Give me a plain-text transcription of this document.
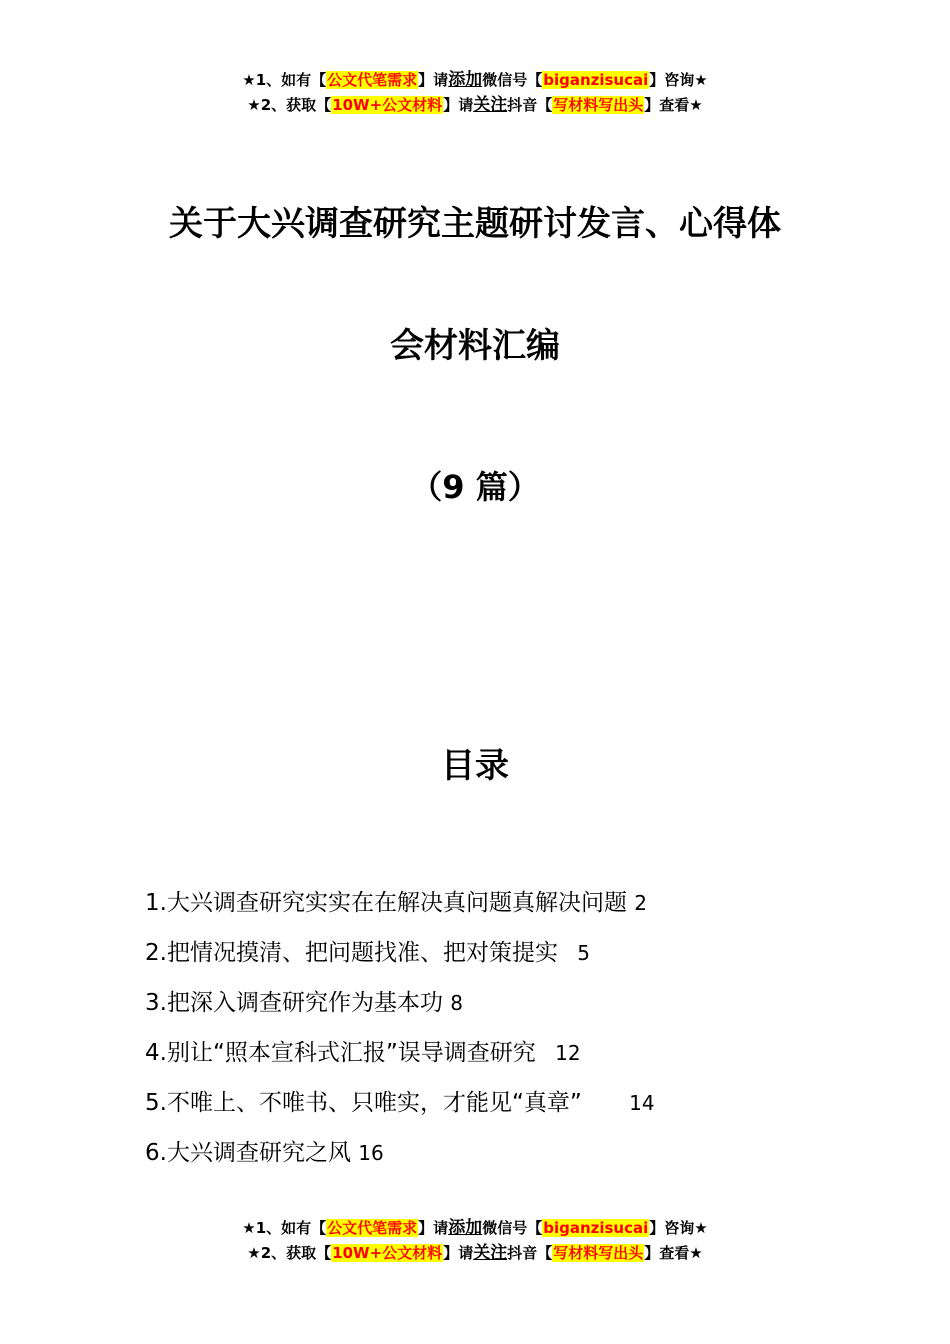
★1、如有【公文代笔需求】请添加微信号【biganzisucai】咨询★
★2、获取【10W+公文材料】请关注抖音【写材料写出头】查看★
关于大兴调查研究主题研讨发言、心得体
会材料汇编
（9 篇）
目录
1.大兴调查研究实实在在解决真问题真解决问题 2
2.把情况摸清、把问题找准、把对策提实 5
3.把深入调查研究作为基本功 8
4.别让“照本宣科式汇报”误导调查研究 12
5.不唯上、不唯书、只唯实，才能见“真章” 14
6.大兴调查研究之风 16
★1、如有【公文代笔需求】请添加微信号【biganzisucai】咨询★
★2、获取【10W+公文材料】请关注抖音【写材料写出头】查看★
